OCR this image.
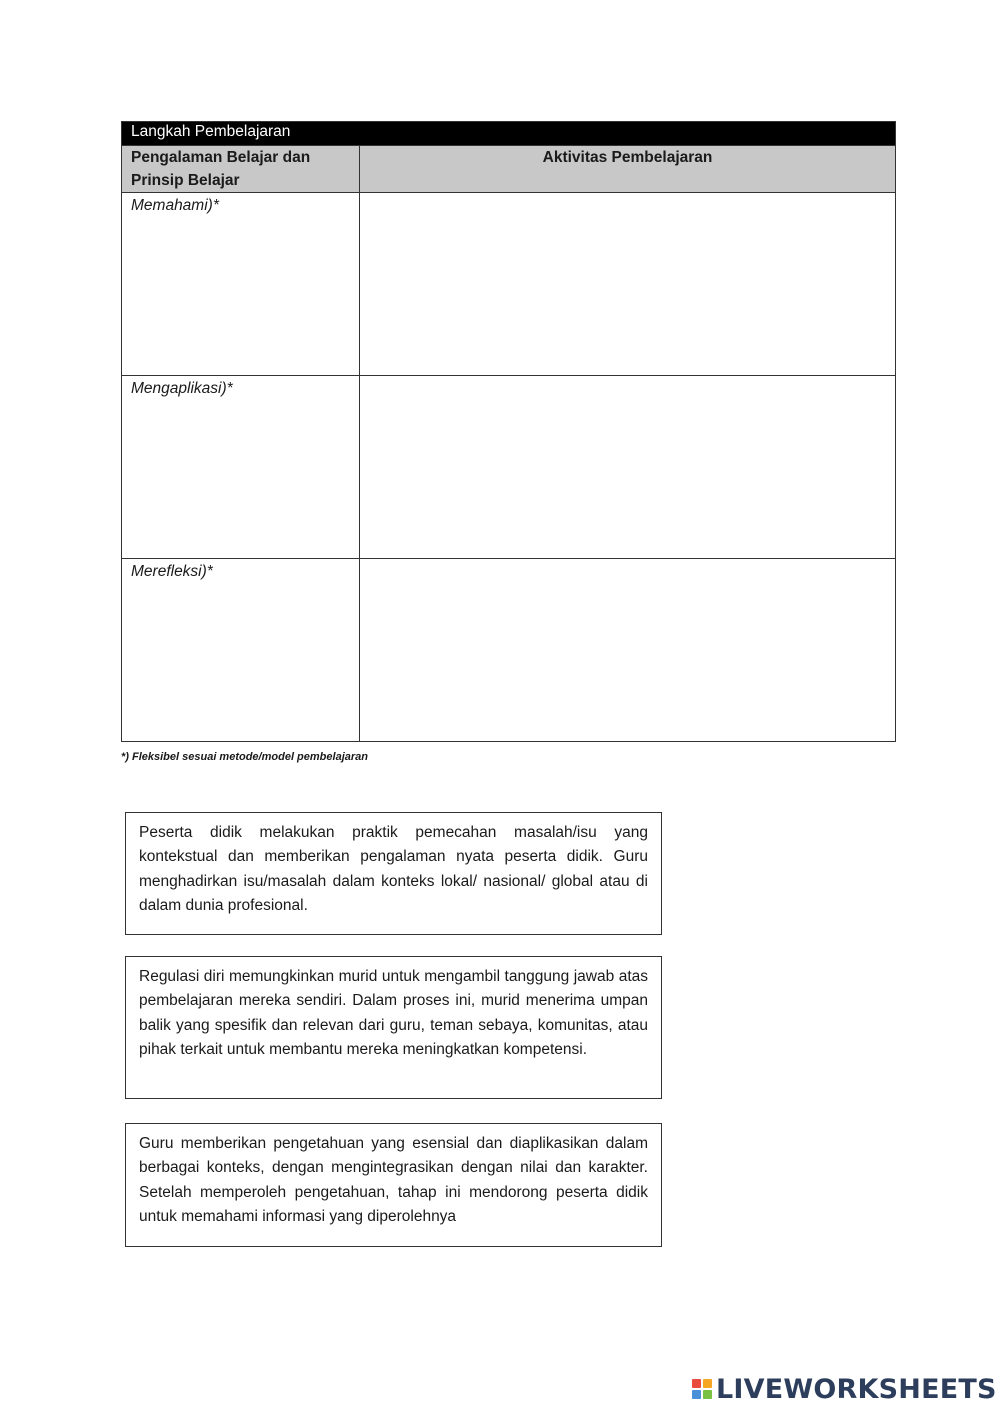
Langkah Pembelajaran	
Pengalaman Belajar dan Prinsip Belajar	Aktivitas Pembelajaran
Memahami)*	
Mengaplikasi)*	
Merefleksi)*	
*) Fleksibel sesuai metode/model pembelajaran
Peserta didik melakukan praktik pemecahan masalah/isu yang kontekstual dan memberikan pengalaman nyata peserta didik. Guru menghadirkan isu/masalah dalam konteks lokal/ nasional/ global atau di dalam dunia profesional.
Regulasi diri memungkinkan murid untuk mengambil tanggung jawab atas pembelajaran mereka sendiri. Dalam proses ini, murid menerima umpan balik yang spesifik dan relevan dari guru, teman sebaya, komunitas, atau pihak terkait untuk membantu mereka meningkatkan kompetensi.
Guru memberikan pengetahuan yang esensial dan diaplikasikan dalam berbagai konteks, dengan mengintegrasikan dengan nilai dan karakter. Setelah memperoleh pengetahuan, tahap ini mendorong peserta didik untuk memahami informasi yang diperolehnya
LIVEWORKSHEETS
